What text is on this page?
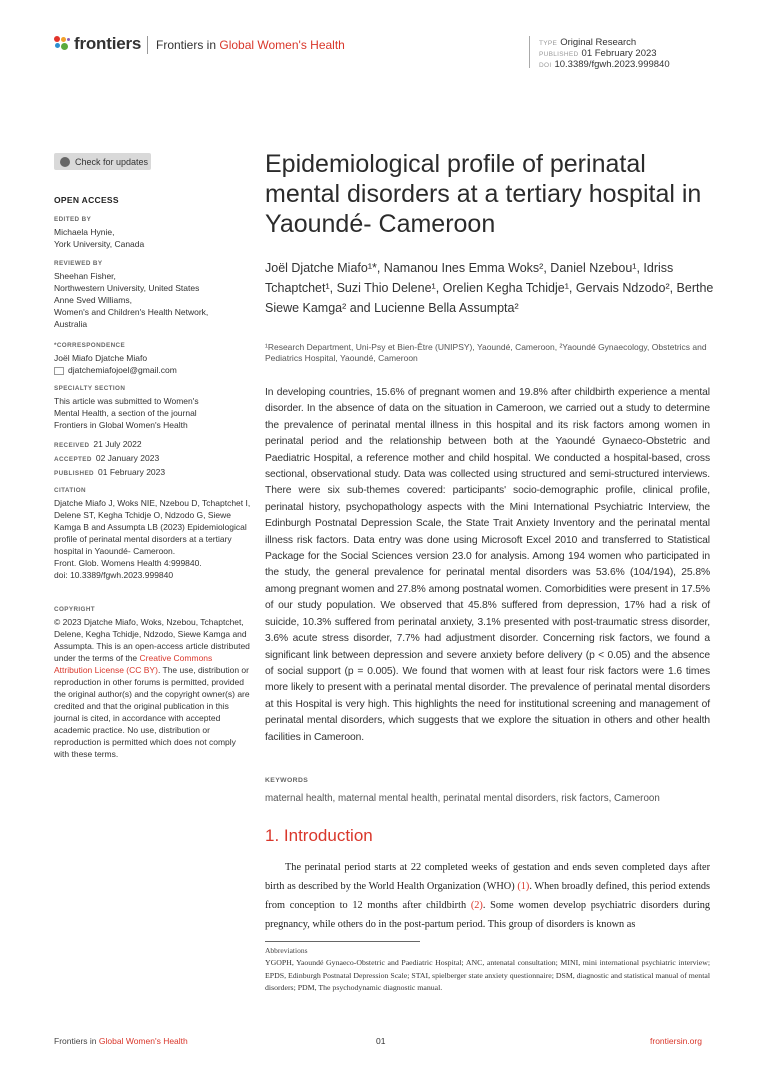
frontiers Frontiers in Global Women's Health	TYPE Original Research
PUBLISHED 01 February 2023
DOI 10.3389/fgwh.2023.999840
Check for updates
OPEN ACCESS
EDITED BY
Michaela Hynie,
York University, Canada
REVIEWED BY
Sheehan Fisher,
Northwestern University, United States
Anne Sved Williams,
Women's and Children's Health Network,
Australia
*CORRESPONDENCE
Joël Miafo Djatche Miafo
djatchemiafojoel@gmail.com
SPECIALTY SECTION
This article was submitted to Women's Mental Health, a section of the journal Frontiers in Global Women's Health
RECEIVED 21 July 2022
ACCEPTED 02 January 2023
PUBLISHED 01 February 2023
CITATION
Djatche Miafo J, Woks NIE, Nzebou D, Tchaptchet I, Delene ST, Kegha Tchidje O, Ndzodo G, Siewe Kamga B and Assumpta LB (2023) Epidemiological profile of perinatal mental disorders at a tertiary hospital in Yaoundé- Cameroon.
Front. Glob. Womens Health 4:999840.
doi: 10.3389/fgwh.2023.999840
COPYRIGHT
© 2023 Djatche Miafo, Woks, Nzebou, Tchaptchet, Delene, Kegha Tchidje, Ndzodo, Siewe Kamga and Assumpta. This is an open-access article distributed under the terms of the Creative Commons Attribution License (CC BY). The use, distribution or reproduction in other forums is permitted, provided the original author(s) and the copyright owner(s) are credited and that the original publication in this journal is cited, in accordance with accepted academic practice. No use, distribution or reproduction is permitted which does not comply with these terms.
Epidemiological profile of perinatal mental disorders at a tertiary hospital in Yaoundé- Cameroon
Joël Djatche Miafo¹*, Namanou Ines Emma Woks², Daniel Nzebou¹, Idriss Tchaptchet¹, Suzi Thio Delene¹, Orelien Kegha Tchidje¹, Gervais Ndzodo², Berthe Siewe Kamga² and Lucienne Bella Assumpta²
¹Research Department, Uni-Psy et Bien-Être (UNIPSY), Yaoundé, Cameroon, ²Yaoundé Gynaecology, Obstetrics and Pediatrics Hospital, Yaoundé, Cameroon
In developing countries, 15.6% of pregnant women and 19.8% after childbirth experience a mental disorder. In the absence of data on the situation in Cameroon, we carried out a study to determine the prevalence of perinatal mental illness in this hospital and its risk factors among women in perinatal period and the relationship between both at the Yaoundé Gynaeco-Obstetric and Paediatric Hospital, a reference mother and child hospital. We conducted a hospital-based, cross sectional, observational study. Data was collected using structured and semi-structured interviews. There were six sub-themes covered: participants' socio-demographic profile, clinical profile, perinatal history, psychopathology aspects with the Mini International Psychiatric Interview, the Edinburgh Postnatal Depression Scale, the State Trait Anxiety Inventory and the perinatal mental illness risk factors. Data entry was done using Microsoft Excel 2010 and transferred to Statistical Package for the Social Sciences version 23.0 for analysis. Among 194 women who participated in the study, the general prevalence for perinatal mental disorders was 53.6% (104/194), 25.8% among pregnant women and 27.8% among postnatal women. Comorbidities were present in 17.5% of our study population. We observed that 45.8% suffered from depression, 17% had a risk of suicide, 10.3% suffered from perinatal anxiety, 3.1% presented with post-traumatic stress disorder, 3.6% acute stress disorder, 7.7% had adjustment disorder. Concerning risk factors, we found a significant link between depression and severe anxiety before delivery (p < 0.05) and the absence of social support (p = 0.005). We found that women with at least four risk factors were 1.6 times more likely to present with a perinatal mental disorder. The prevalence of perinatal mental disorders at this Hospital is very high. This highlights the need for institutional screening and management of perinatal mental disorders, which suggests that we explore the situation in others and other health facilities in Cameroon.
KEYWORDS
maternal health, maternal mental health, perinatal mental disorders, risk factors, Cameroon
1. Introduction
The perinatal period starts at 22 completed weeks of gestation and ends seven completed days after birth as described by the World Health Organization (WHO) (1). When broadly defined, this period extends from conception to 12 months after childbirth (2). Some women develop psychiatric disorders during pregnancy, while others do in the post-partum period. This group of disorders is known as
Abbreviations
YGOPH, Yaoundé Gynaeco-Obstetric and Paediatric Hospital; ANC, antenatal consultation; MINI, mini international psychiatric interview; EPDS, Edinburgh Postnatal Depression Scale; STAI, spielberger state anxiety questionnaire; DSM, diagnostic and statistical manual of mental disorders; PDM, The psychodynamic diagnostic manual.
Frontiers in Global Women's Health	01	frontiersin.org
